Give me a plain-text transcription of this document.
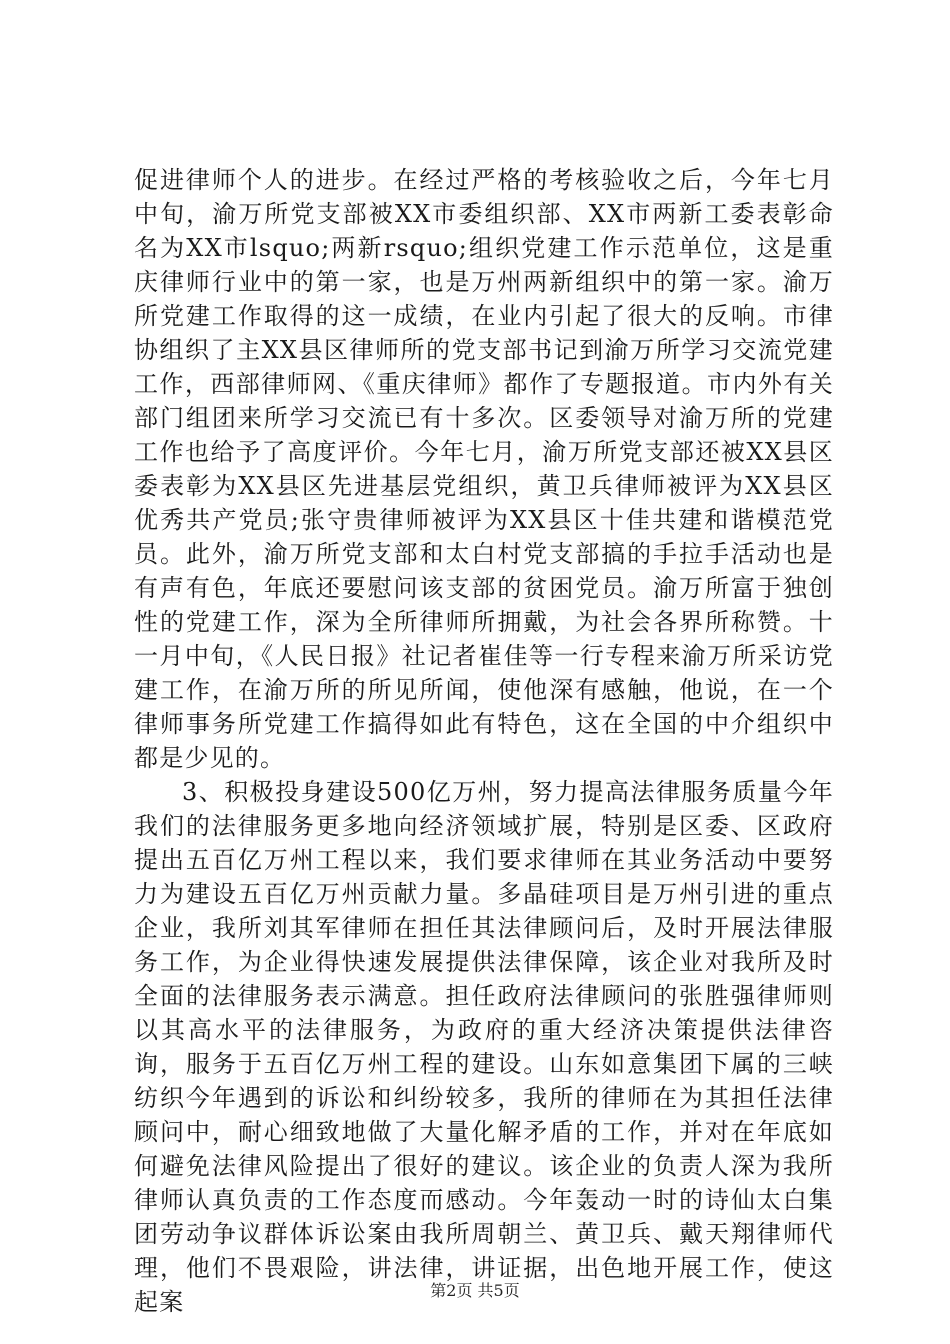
促进律师个人的进步。在经过严格的考核验收之后，今年七月中旬，渝万所党支部被XX市委组织部、XX市两新工委表彰命名为XX市lsquo;两新rsquo;组织党建工作示范单位，这是重庆律师行业中的第一家，也是万州两新组织中的第一家。渝万所党建工作取得的这一成绩，在业内引起了很大的反响。市律协组织了主XX县区律师所的党支部书记到渝万所学习交流党建工作，西部律师网、《重庆律师》都作了专题报道。市内外有关部门组团来所学习交流已有十多次。区委领导对渝万所的党建工作也给予了高度评价。今年七月，渝万所党支部还被XX县区委表彰为XX县区先进基层党组织，黄卫兵律师被评为XX县区优秀共产党员;张守贵律师被评为XX县区十佳共建和谐模范党员。此外，渝万所党支部和太白村党支部搞的手拉手活动也是有声有色，年底还要慰问该支部的贫困党员。渝万所富于独创性的党建工作，深为全所律师所拥戴，为社会各界所称赞。十一月中旬，《人民日报》社记者崔佳等一行专程来渝万所采访党建工作，在渝万所的所见所闻，使他深有感触，他说，在一个律师事务所党建工作搞得如此有特色，这在全国的中介组织中都是少见的。

3、积极投身建设500亿万州，努力提高法律服务质量今年我们的法律服务更多地向经济领域扩展，特别是区委、区政府提出五百亿万州工程以来，我们要求律师在其业务活动中要努力为建设五百亿万州贡献力量。多晶硅项目是万州引进的重点企业，我所刘其军律师在担任其法律顾问后，及时开展法律服务工作，为企业得快速发展提供法律保障，该企业对我所及时全面的法律服务表示满意。担任政府法律顾问的张胜强律师则以其高水平的法律服务，为政府的重大经济决策提供法律咨询，服务于五百亿万州工程的建设。山东如意集团下属的三峡纺织今年遇到的诉讼和纠纷较多，我所的律师在为其担任法律顾问中，耐心细致地做了大量化解矛盾的工作，并对在年底如何避免法律风险提出了很好的建议。该企业的负责人深为我所律师认真负责的工作态度而感动。今年轰动一时的诗仙太白集团劳动争议群体诉讼案由我所周朝兰、黄卫兵、戴天翔律师代理，他们不畏艰险，讲法律，讲证据，出色地开展工作，使这起案	第2页 共5页
